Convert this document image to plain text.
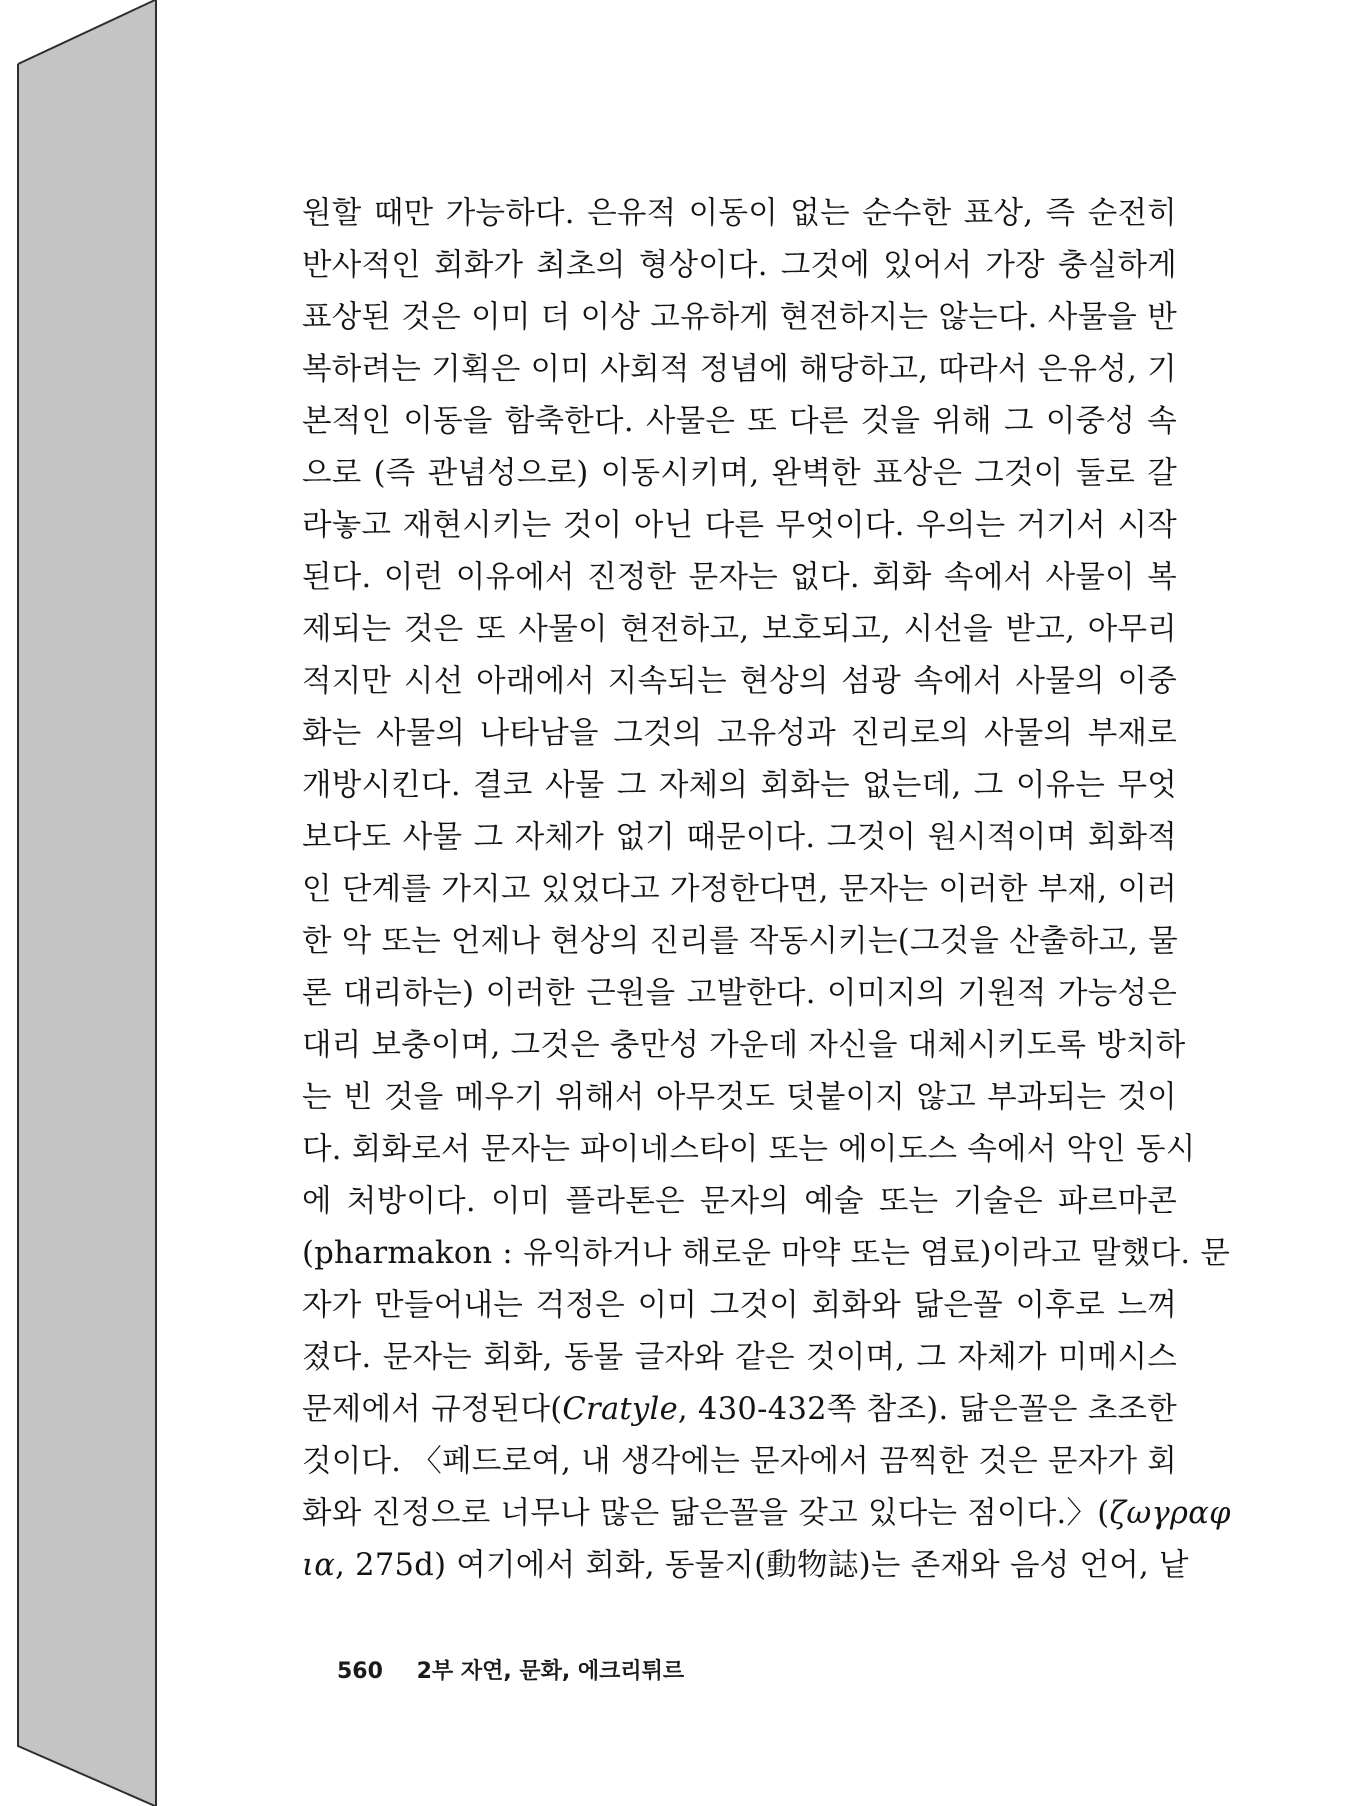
원할 때만 가능하다. 은유적 이동이 없는 순수한 표상, 즉 순전히
반사적인 회화가 최초의 형상이다. 그것에 있어서 가장 충실하게
표상된 것은 이미 더 이상 고유하게 현전하지는 않는다. 사물을 반
복하려는 기획은 이미 사회적 정념에 해당하고, 따라서 은유성, 기
본적인 이동을 함축한다. 사물은 또 다른 것을 위해 그 이중성 속
으로 (즉 관념성으로) 이동시키며, 완벽한 표상은 그것이 둘로 갈
라놓고 재현시키는 것이 아닌 다른 무엇이다. 우의는 거기서 시작
된다. 이런 이유에서 진정한 문자는 없다. 회화 속에서 사물이 복
제되는 것은 또 사물이 현전하고, 보호되고, 시선을 받고, 아무리
적지만 시선 아래에서 지속되는 현상의 섬광 속에서 사물의 이중
화는 사물의 나타남을 그것의 고유성과 진리로의 사물의 부재로
개방시킨다. 결코 사물 그 자체의 회화는 없는데, 그 이유는 무엇
보다도 사물 그 자체가 없기 때문이다. 그것이 원시적이며 회화적
인 단계를 가지고 있었다고 가정한다면, 문자는 이러한 부재, 이러
한 악 또는 언제나 현상의 진리를 작동시키는(그것을 산출하고, 물
론 대리하는) 이러한 근원을 고발한다. 이미지의 기원적 가능성은
대리 보충이며, 그것은 충만성 가운데 자신을 대체시키도록 방치하
는 빈 것을 메우기 위해서 아무것도 덧붙이지 않고 부과되는 것이
다. 회화로서 문자는 파이네스타이 또는 에이도스 속에서 악인 동시
에 처방이다. 이미 플라톤은 문자의 예술 또는 기술은 파르마콘
(pharmakon : 유익하거나 해로운 마약 또는 염료)이라고 말했다. 문
자가 만들어내는 걱정은 이미 그것이 회화와 닮은꼴 이후로 느껴
졌다. 문자는 회화, 동물 글자와 같은 것이며, 그 자체가 미메시스
문제에서 규정된다(Cratyle, 430-432쪽 참조). 닮은꼴은 초조한
것이다. 〈페드로여, 내 생각에는 문자에서 끔찍한 것은 문자가 회
화와 진정으로 너무나 많은 닮은꼴을 갖고 있다는 점이다.〉(ζωγραφ
ια, 275d) 여기에서 회화, 동물지(動物誌)는 존재와 음성 언어, 낱
560 2부 자연, 문화, 에크리튀르
